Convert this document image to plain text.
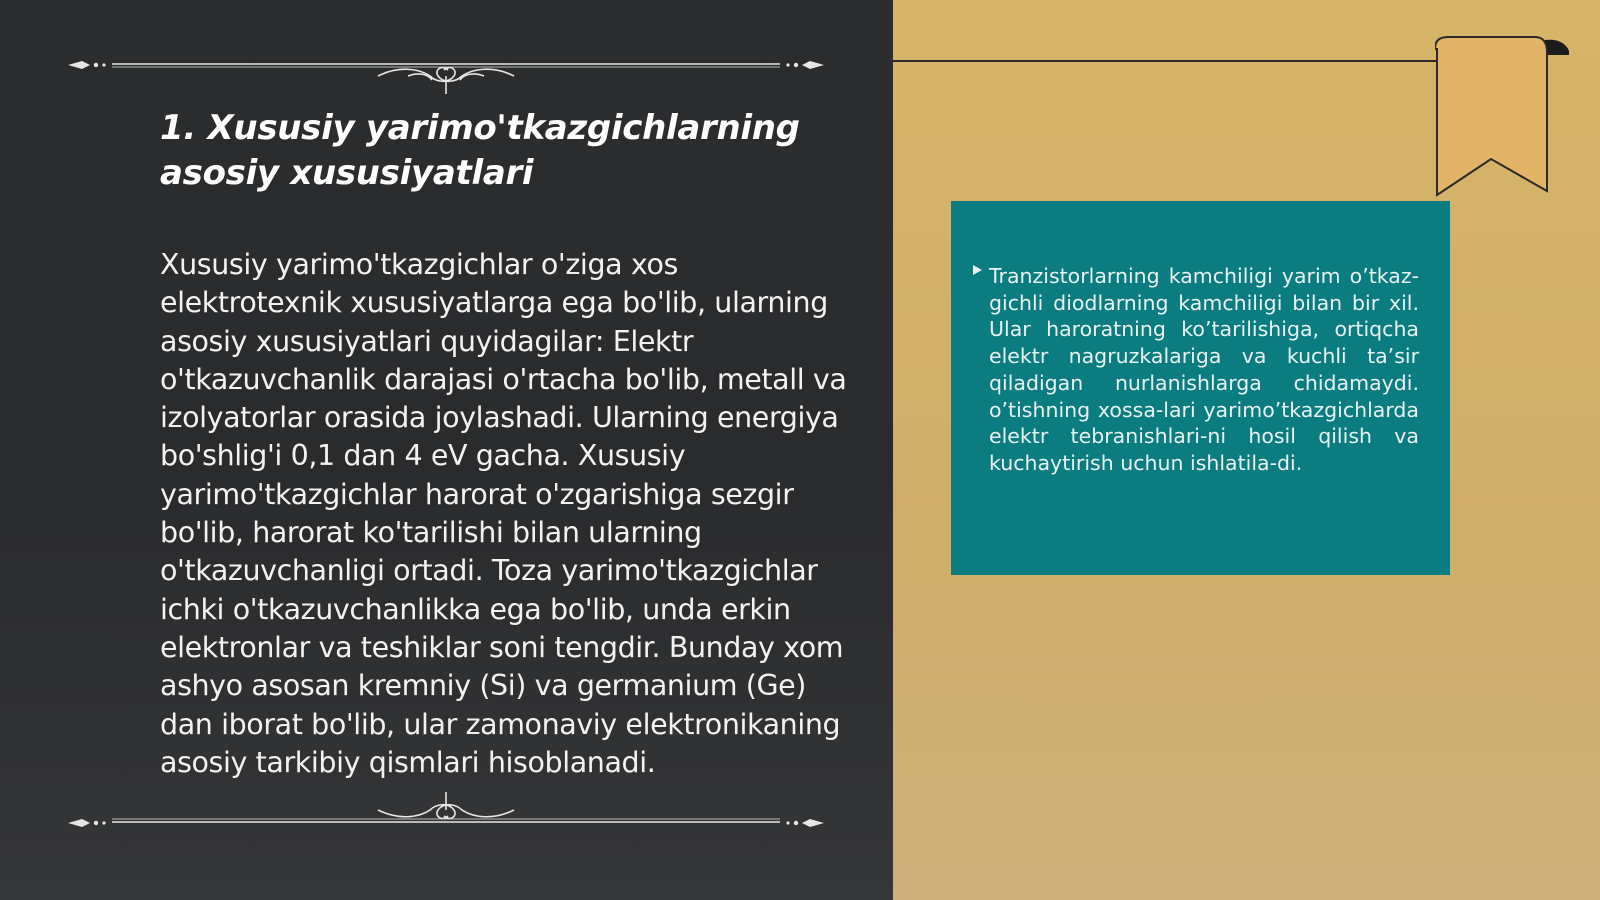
1. Xususiy yarimo'tkazgichlarning asosiy xususiyatlari

Xususiy yarimo'tkazgichlar o'ziga xos elektrotexnik xususiyatlarga ega bo'lib, ularning asosiy xususiyatlari quyidagilar: Elektr o'tkazuvchanlik darajasi o'rtacha bo'lib, metall va izolyatorlar orasida joylashadi. Ularning energiya bo'shlig'i 0,1 dan 4 eV gacha. Xususiy yarimo'tkazgichlar harorat o'zgarishiga sezgir bo'lib, harorat ko'tarilishi bilan ularning o'tkazuvchanligi ortadi. Toza yarimo'tkazgichlar ichki o'tkazuvchanlikka ega bo'lib, unda erkin elektronlar va teshiklar soni tengdir. Bunday xom ashyo asosan kremniy (Si) va germanium (Ge) dan iborat bo'lib, ular zamonaviy elektronikaning asosiy tarkibiy qismlari hisoblanadi.

Tranzistorlarning kamchiligi yarim o’tkaz-gichli diodlarning kamchiligi bilan bir xil. Ular haroratning ko’tarilishiga, ortiqcha elektr nagruzkalariga va kuchli ta’sir qiladigan nurlanishlarga chidamaydi. o’tishning xossa-lari yarimo’tkazgichlarda elektr tebranishlari-ni hosil qilish va kuchaytirish uchun ishlatila-di.
